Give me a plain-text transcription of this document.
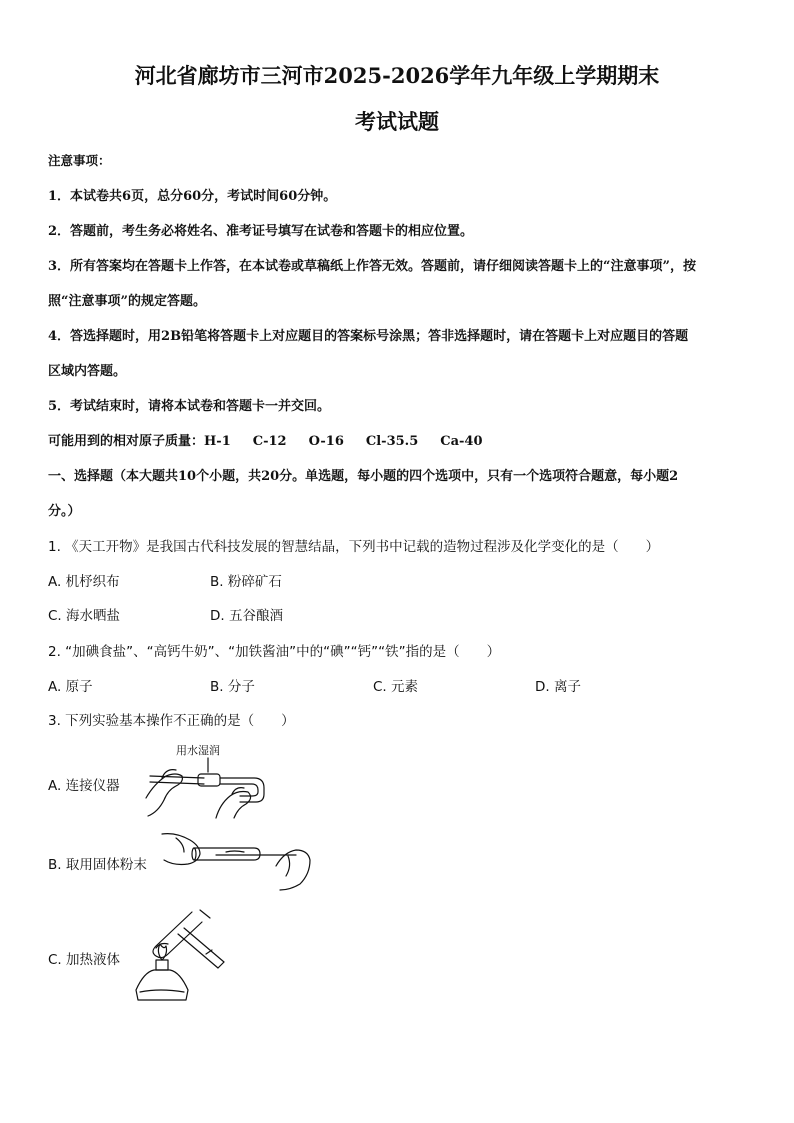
河北省廊坊市三河市2025-2026学年九年级上学期期末
考试试题
注意事项：
1．本试卷共6页，总分60分，考试时间60分钟。
2．答题前，考生务必将姓名、准考证号填写在试卷和答题卡的相应位置。
3．所有答案均在答题卡上作答，在本试卷或草稿纸上作答无效。答题前，请仔细阅读答题卡上的“注意事项”，按
照“注意事项”的规定答题。
4．答选择题时，用2B铅笔将答题卡上对应题目的答案标号涂黑；答非选择题时，请在答题卡上对应题目的答题
区域内答题。
5．考试结束时，请将本试卷和答题卡一并交回。
可能用到的相对原子质量：H-1 C-12 O-16 Cl-35.5 Ca-40
一、选择题（本大题共10个小题，共20分。单选题，每小题的四个选项中，只有一个选项符合题意，每小题2
分。）
1. 《天工开物》是我国古代科技发展的智慧结晶，下列书中记载的造物过程涉及化学变化的是（　　）
A. 机杼织布	B. 粉碎矿石
C. 海水晒盐	D. 五谷酿酒
2. “加碘食盐”、“高钙牛奶”、“加铁酱油”中的“碘”“钙”“铁”指的是（　　）
A. 原子	B. 分子	C. 元素	D. 离子
3. 下列实验基本操作不正确的是（　　）
A. 连接仪器
用水湿润
B. 取用固体粉末
C. 加热液体
